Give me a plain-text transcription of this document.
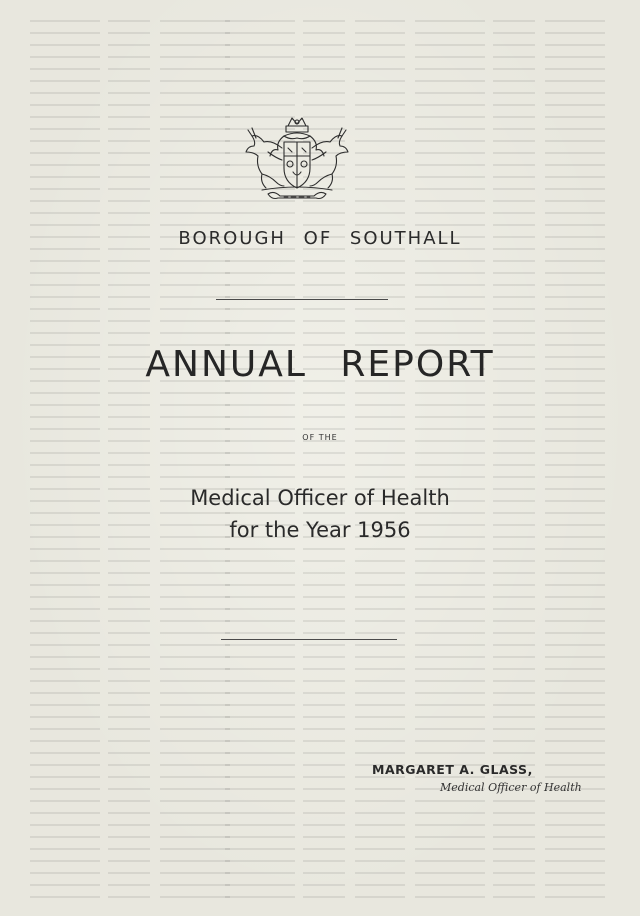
BOROUGH OF SOUTHALL
ANNUAL REPORT
OF THE
Medical Officer of Health
for the Year 1956
MARGARET A. GLASS,
Medical Officer of Health
